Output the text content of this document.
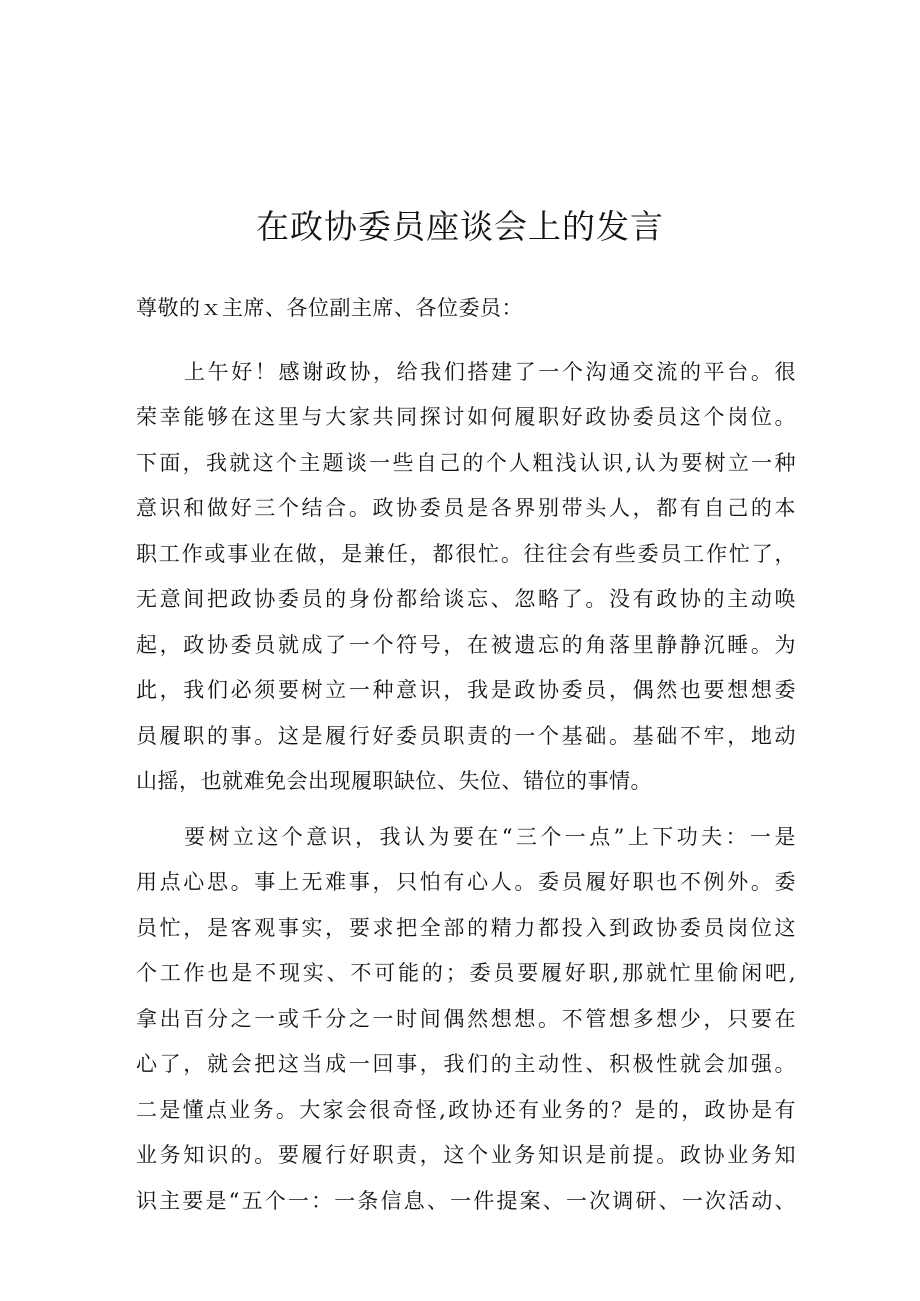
在政协委员座谈会上的发言
尊敬的ｘ主席、各位副主席、各位委员：
上午好！感谢政协，给我们搭建了一个沟通交流的平台。很
荣幸能够在这里与大家共同探讨如何履职好政协委员这个岗位。
下面，我就这个主题谈一些自己的个人粗浅认识,认为要树立一种
意识和做好三个结合。政协委员是各界别带头人，都有自己的本
职工作或事业在做，是兼任，都很忙。往往会有些委员工作忙了，
无意间把政协委员的身份都给谈忘、忽略了。没有政协的主动唤
起，政协委员就成了一个符号，在被遗忘的角落里静静沉睡。为
此，我们必须要树立一种意识，我是政协委员，偶然也要想想委
员履职的事。这是履行好委员职责的一个基础。基础不牢，地动
山摇，也就难免会出现履职缺位、失位、错位的事情。
要树立这个意识，我认为要在“三个一点”上下功夫：一是
用点心思。事上无难事，只怕有心人。委员履好职也不例外。委
员忙，是客观事实，要求把全部的精力都投入到政协委员岗位这
个工作也是不现实、不可能的；委员要履好职,那就忙里偷闲吧,
拿出百分之一或千分之一时间偶然想想。不管想多想少，只要在
心了，就会把这当成一回事，我们的主动性、积极性就会加强。
二是懂点业务。大家会很奇怪,政协还有业务的？是的，政协是有
业务知识的。要履行好职责，这个业务知识是前提。政协业务知
识主要是“五个一：一条信息、一件提案、一次调研、一次活动、
